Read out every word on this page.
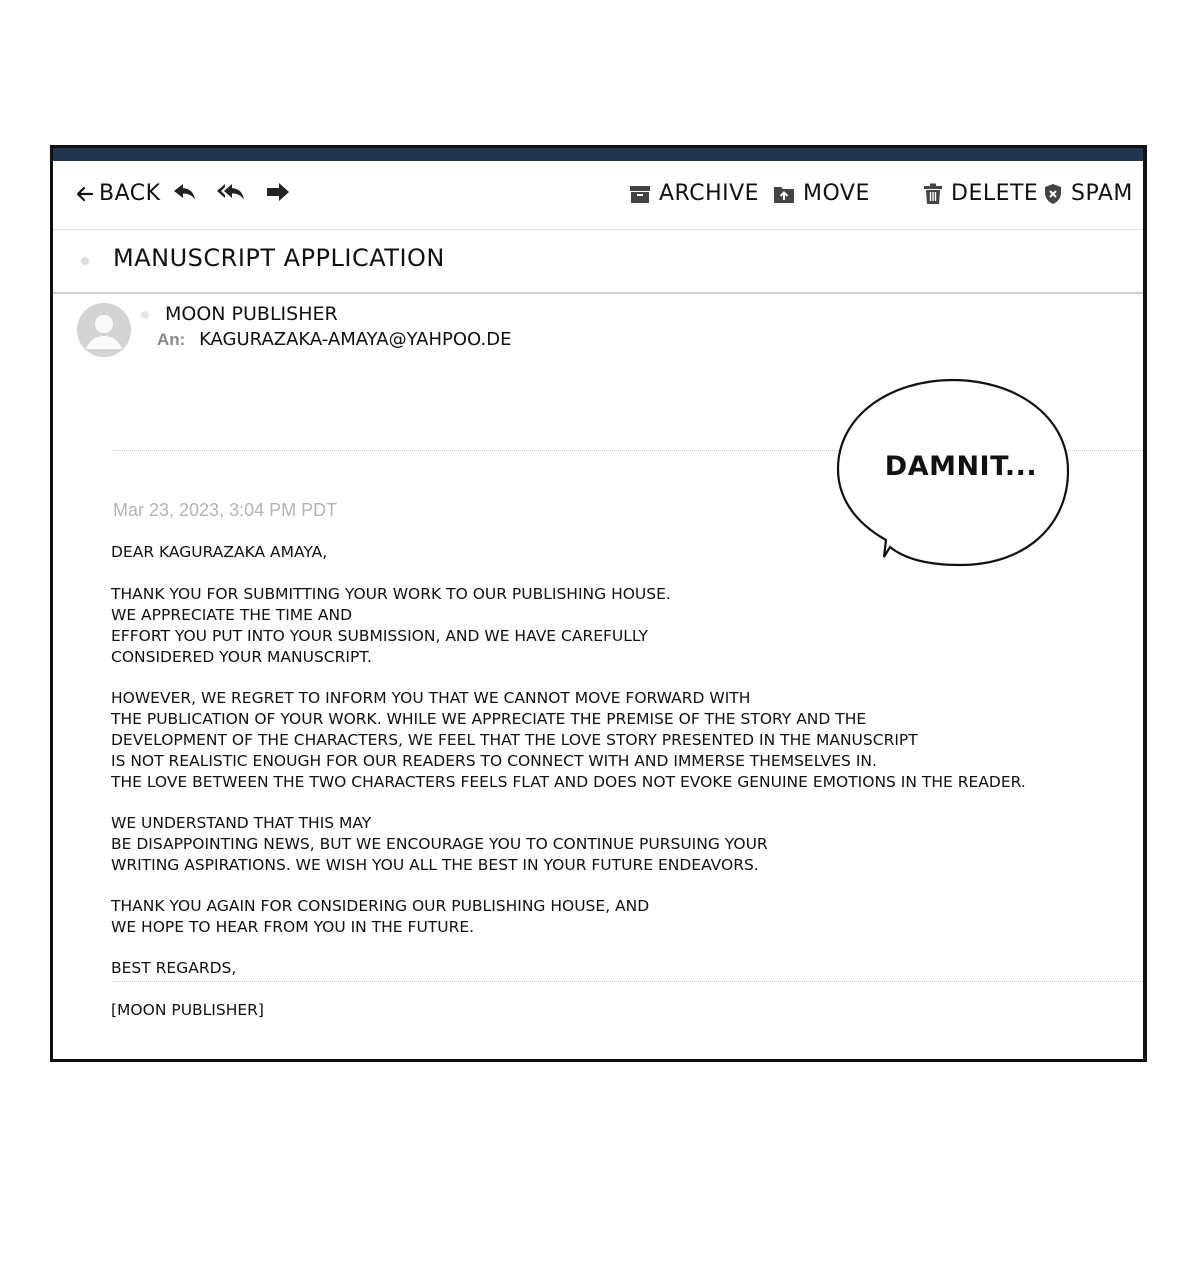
BACK	ARCHIVE MOVE	DELETE SPAM
MANUSCRIPT APPLICATION
MOON PUBLISHER
An: KAGURAZAKA-AMAYA@YAHPOO.DE
Mar 23, 2023, 3:04 PM PDT

DEAR KAGURAZAKA AMAYA,

THANK YOU FOR SUBMITTING YOUR WORK TO OUR PUBLISHING HOUSE.
WE APPRECIATE THE TIME AND
EFFORT YOU PUT INTO YOUR SUBMISSION, AND WE HAVE CAREFULLY
CONSIDERED YOUR MANUSCRIPT.

HOWEVER, WE REGRET TO INFORM YOU THAT WE CANNOT MOVE FORWARD WITH
THE PUBLICATION OF YOUR WORK. WHILE WE APPRECIATE THE PREMISE OF THE STORY AND THE
DEVELOPMENT OF THE CHARACTERS, WE FEEL THAT THE LOVE STORY PRESENTED IN THE MANUSCRIPT
IS NOT REALISTIC ENOUGH FOR OUR READERS TO CONNECT WITH AND IMMERSE THEMSELVES IN.
THE LOVE BETWEEN THE TWO CHARACTERS FEELS FLAT AND DOES NOT EVOKE GENUINE EMOTIONS IN THE READER.

WE UNDERSTAND THAT THIS MAY
BE DISAPPOINTING NEWS, BUT WE ENCOURAGE YOU TO CONTINUE PURSUING YOUR
WRITING ASPIRATIONS. WE WISH YOU ALL THE BEST IN YOUR FUTURE ENDEAVORS.

THANK YOU AGAIN FOR CONSIDERING OUR PUBLISHING HOUSE, AND
WE HOPE TO HEAR FROM YOU IN THE FUTURE.

BEST REGARDS,

[MOON PUBLISHER]

DAMNIT...
